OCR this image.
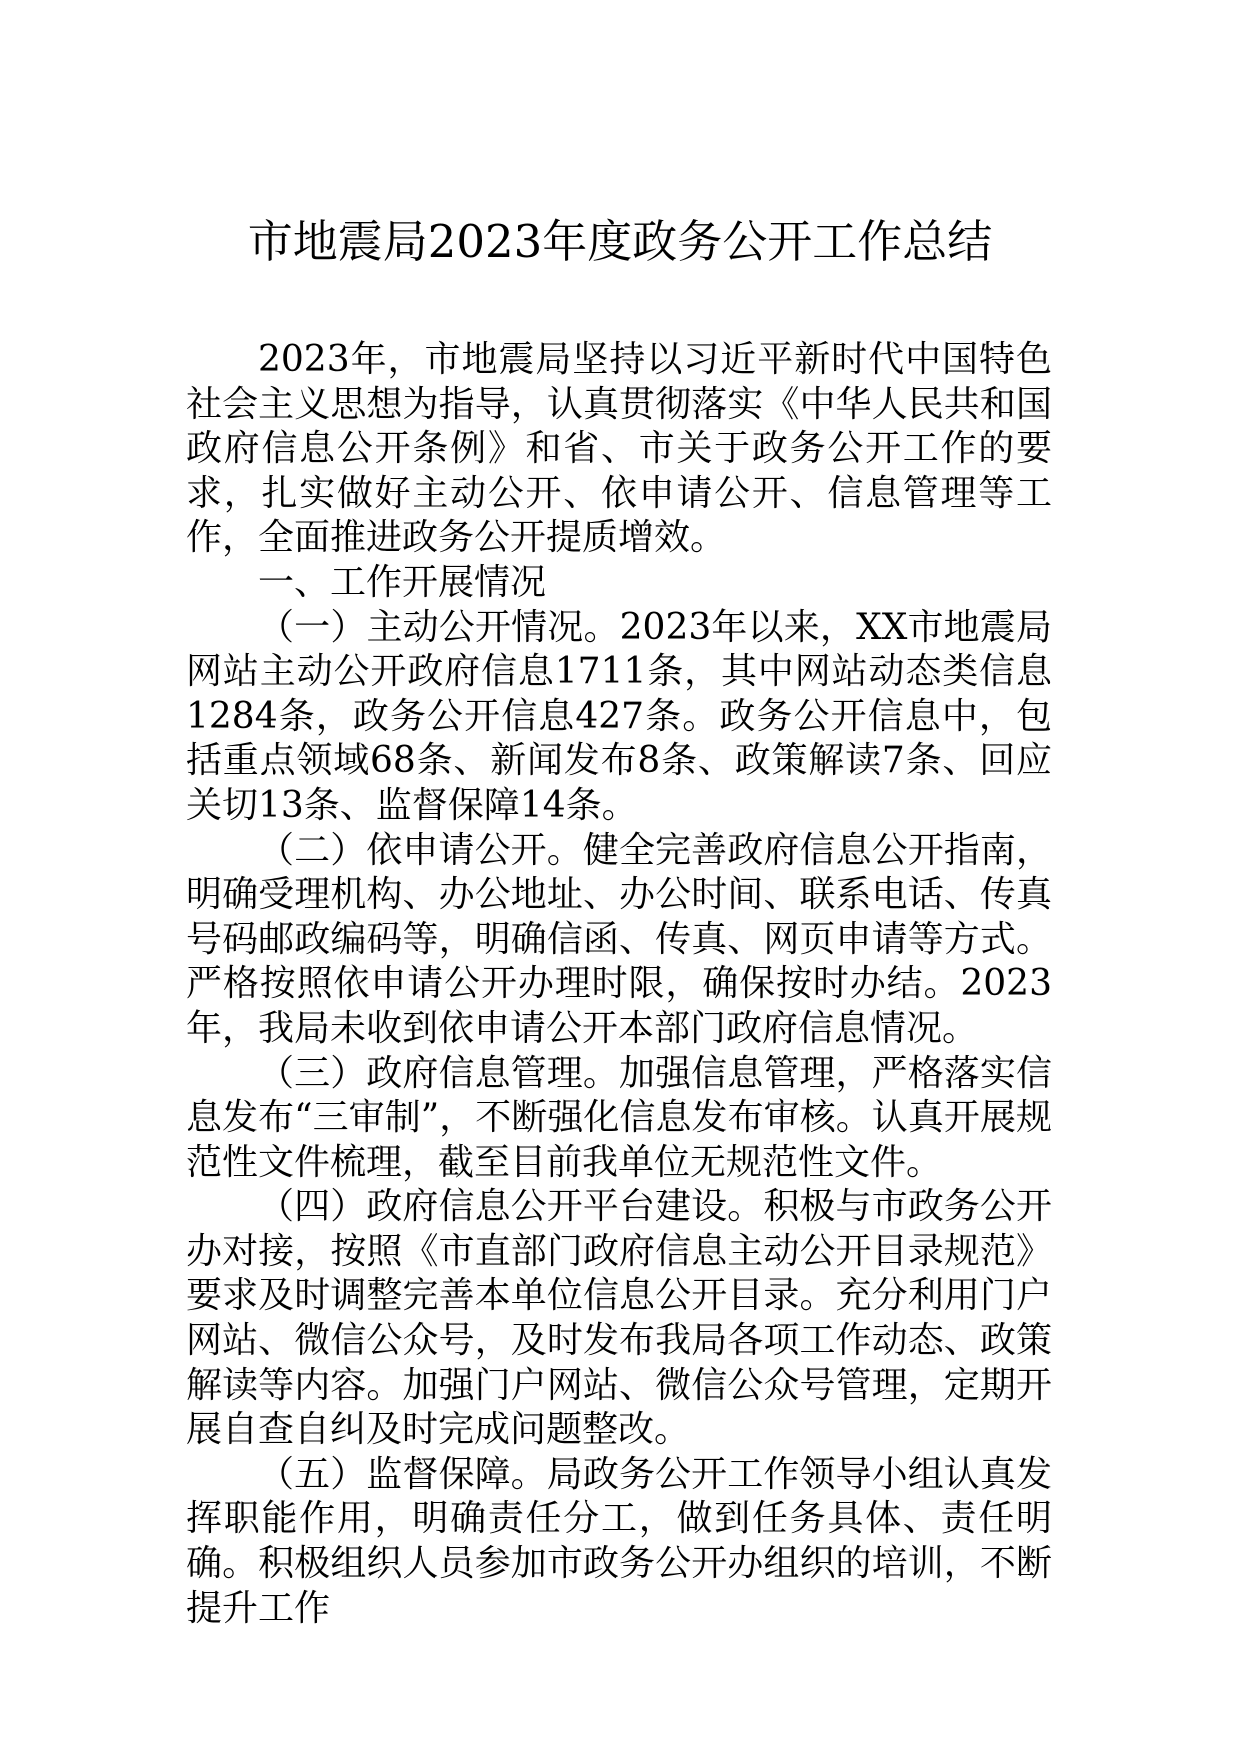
市地震局2023年度政务公开工作总结

2023年，市地震局坚持以习近平新时代中国特色社会主义思想为指导，认真贯彻落实《中华人民共和国政府信息公开条例》和省、市关于政务公开工作的要求，扎实做好主动公开、依申请公开、信息管理等工作，全面推进政务公开提质增效。

一、工作开展情况

（一）主动公开情况。2023年以来，XX市地震局网站主动公开政府信息1711条，其中网站动态类信息1284条，政务公开信息427条。政务公开信息中，包括重点领域68条、新闻发布8条、政策解读7条、回应关切13条、监督保障14条。

（二）依申请公开。健全完善政府信息公开指南，明确受理机构、办公地址、办公时间、联系电话、传真号码邮政编码等，明确信函、传真、网页申请等方式。严格按照依申请公开办理时限，确保按时办结。2023年，我局未收到依申请公开本部门政府信息情况。

（三）政府信息管理。加强信息管理，严格落实信息发布“三审制”，不断强化信息发布审核。认真开展规范性文件梳理，截至目前我单位无规范性文件。

（四）政府信息公开平台建设。积极与市政务公开办对接，按照《市直部门政府信息主动公开目录规范》要求及时调整完善本单位信息公开目录。充分利用门户网站、微信公众号，及时发布我局各项工作动态、政策解读等内容。加强门户网站、微信公众号管理，定期开展自查自纠及时完成问题整改。

（五）监督保障。局政务公开工作领导小组认真发挥职能作用，明确责任分工，做到任务具体、责任明确。积极组织人员参加市政务公开办组织的培训，不断提升工作
